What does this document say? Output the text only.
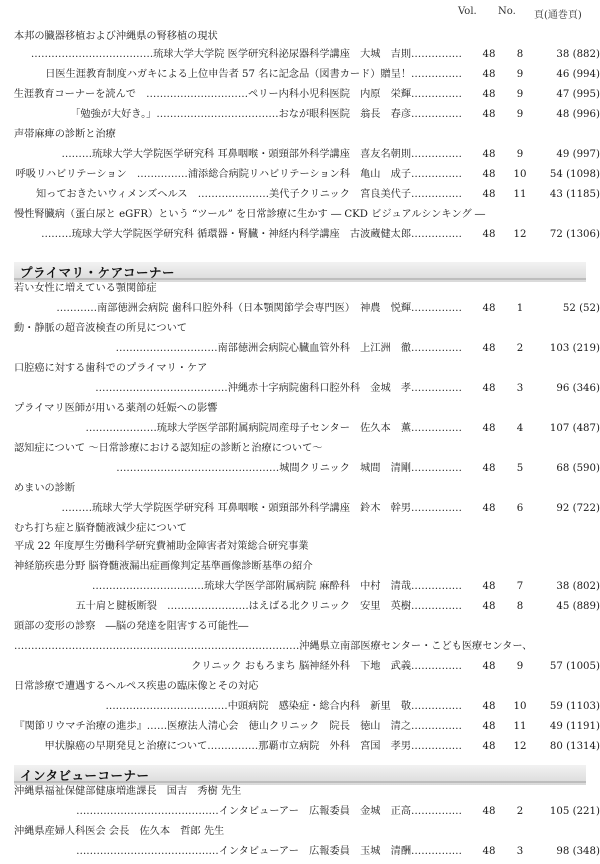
Vol. No. 頁(通巻頁)
本邦の臓器移植および沖縄県の腎移植の現状
………………………………琉球大学大学院 医学研究科泌尿器科学講座　大城　吉則……………	48	8	38 (882)
日医生涯教育制度ハガキによる上位申告者 57 名に記念品（図書カード）贈呈！……………	48	9	46 (994)
生涯教育コーナーを読んで　…………………………ペリー内科小児科医院　内原　栄輝……………	48	9	47 (995)
「勉強が大好き。」………………………………おなが眼科医院　翁長　春彦……………	48	9	48 (996)
声帯麻痺の診断と治療
………琉球大学大学院医学研究科 耳鼻咽喉・頭頸部外科学講座　喜友名朝則……………	48	9	49 (997)
呼吸リハビリテーション　……………浦添総合病院リハビリテーション科　亀山　成子……………	48	10	54 (1098)
知っておきたいウィメンズヘルス　…………………美代子クリニック　宮良美代子……………	48	11	43 (1185)
慢性腎臓病（蛋白尿と eGFR）という “ツール” を日常診療に生かす ― CKD ビジュアルシンキング ―
………琉球大学大学院医学研究科 循環器・腎臓・神経内科学講座　古波蔵健太郎……………	48	12	72 (1306)
若い女性に増えている顎関節症
…………南部徳洲会病院 歯科口腔外科（日本顎関節学会専門医）　神農　悦輝……………	48	1	52 (52)
動・静脈の超音波検査の所見について
…………………………南部徳洲会病院心臓血管外科　上江洲　徹……………	48	2	103 (219)
口腔癌に対する歯科でのプライマリ・ケア
…………………………………沖縄赤十字病院歯科口腔外科　金城　孝……………	48	3	96 (346)
プライマリ医師が用いる薬剤の妊娠への影響
…………………琉球大学医学部附属病院周産母子センター　佐久本　薫……………	48	4	107 (487)
認知症について ～日常診療における認知症の診断と治療について～
…………………………………………城間クリニック　城間　清剛……………	48	5	68 (590)
めまいの診断
………琉球大学大学院医学研究科 耳鼻咽喉・頭頸部外科学講座　鈴木　幹男……………	48	6	92 (722)
むち打ち症と脳脊髄液減少症について
平成 22 年度厚生労働科学研究費補助金障害者対策総合研究事業
神経筋疾患分野 脳脊髄液漏出症画像判定基準画像診断基準の紹介
……………………………琉球大学医学部附属病院 麻酔科　中村　清哉……………	48	7	38 (802)
五十肩と腱板断裂　……………………はえばる北クリニック　安里　英樹……………	48	8	45 (889)
頭部の変形の診察　―脳の発達を阻害する可能性―
…………………………………………………………………………沖縄県立南部医療センター・こども医療センター、
クリニック おもろまち 脳神経外科　下地　武義……………	48	9	57 (1005)
日常診療で遭遇するヘルペス疾患の臨床像とその対応
………………………………中頭病院　感染症・総合内科　新里　敬……………	48	10	59 (1103)
『関節リウマチ治療の進歩』……医療法人清心会　徳山クリニック　院長　徳山　清之……………	48	11	49 (1191)
甲状腺癌の早期発見と治療について……………那覇市立病院　外科　宮国　孝男……………	48	12	80 (1314)
沖縄県福祉保健部健康増進課長　国吉　秀樹 先生
……………………………………インタビューアー　広報委員　金城　正高……………	48	2	105 (221)
沖縄県産婦人科医会 会長　佐久本　哲郎 先生
……………………………………インタビューアー　広報委員　玉城　清酬……………	48	3	98 (348)
プライマリ・ケアコーナー
インタビューコーナー
